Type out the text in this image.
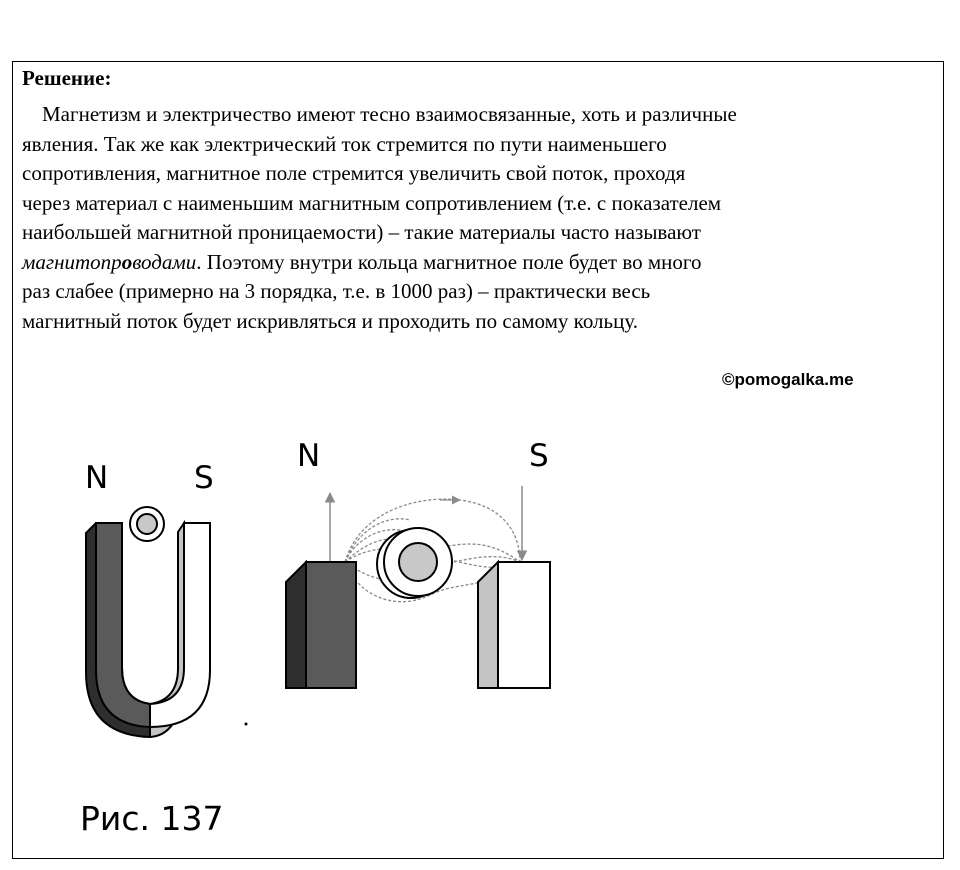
Решение:
Магнетизм и электричество имеют тесно взаимосвязанные, хоть и различные
явления. Так же как электрический ток стремится по пути наименьшего
сопротивления, магнитное поле стремится увеличить свой поток, проходя
через материал с наименьшим магнитным сопротивлением (т.е. с показателем
наибольшей магнитной проницаемости) – такие материалы часто называют
магнитопроводами. Поэтому внутри кольца магнитное поле будет во много
раз слабее (примерно на 3 порядка, т.е. в 1000 раз) – практически весь
магнитный поток будет искривляться и проходить по самому кольцу.
©pomogalka.me
N	S
N	S
Рис. 137
